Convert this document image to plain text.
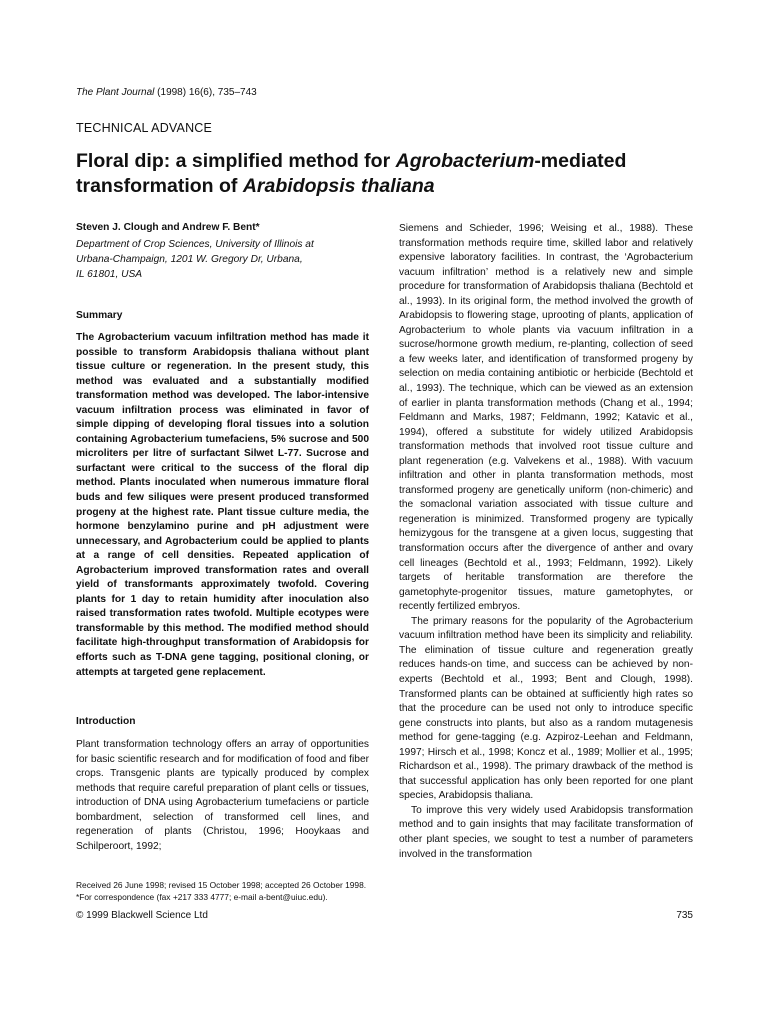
The Plant Journal (1998) 16(6), 735–743
TECHNICAL ADVANCE
Floral dip: a simplified method for Agrobacterium-mediated transformation of Arabidopsis thaliana
Steven J. Clough and Andrew F. Bent*
Department of Crop Sciences, University of Illinois at
Urbana-Champaign, 1201 W. Gregory Dr, Urbana,
IL 61801, USA
Summary

The Agrobacterium vacuum infiltration method has made it possible to transform Arabidopsis thaliana without plant tissue culture or regeneration. In the present study, this method was evaluated and a substantially modified transformation method was developed. The labor-intensive vacuum infiltration process was eliminated in favor of simple dipping of developing floral tissues into a solution containing Agrobacterium tumefaciens, 5% sucrose and 500 microliters per litre of surfactant Silwet L-77. Sucrose and surfactant were critical to the success of the floral dip method. Plants inoculated when numerous immature floral buds and few siliques were present produced transformed progeny at the highest rate. Plant tissue culture media, the hormone benzylamino purine and pH adjustment were unnecessary, and Agrobacterium could be applied to plants at a range of cell densities. Repeated application of Agrobacterium improved transformation rates and overall yield of transformants approximately twofold. Covering plants for 1 day to retain humidity after inoculation also raised transformation rates twofold. Multiple ecotypes were transformable by this method. The modified method should facilitate high-throughput transformation of Arabidopsis for efforts such as T-DNA gene tagging, positional cloning, or attempts at targeted gene replacement.

Introduction

Plant transformation technology offers an array of opportunities for basic scientific research and for modification of food and fiber crops. Transgenic plants are typically produced by complex methods that require careful preparation of plant cells or tissues, introduction of DNA using Agrobacterium tumefaciens or particle bombardment, selection of transformed cell lines, and regeneration of plants (Christou, 1996; Hooykaas and Schilperoort, 1992;

Siemens and Schieder, 1996; Weising et al., 1988). These transformation methods require time, skilled labor and relatively expensive laboratory facilities. In contrast, the ‘Agrobacterium vacuum infiltration’ method is a relatively new and simple procedure for transformation of Arabidopsis thaliana (Bechtold et al., 1993). In its original form, the method involved the growth of Arabidopsis to flowering stage, uprooting of plants, application of Agrobacterium to whole plants via vacuum infiltration in a sucrose/hormone growth medium, re-planting, collection of seed a few weeks later, and identification of transformed progeny by selection on media containing antibiotic or herbicide (Bechtold et al., 1993). The technique, which can be viewed as an extension of earlier in planta transformation methods (Chang et al., 1994; Feldmann and Marks, 1987; Feldmann, 1992; Katavic et al., 1994), offered a substitute for widely utilized Arabidopsis transformation methods that involved root tissue culture and plant regeneration (e.g. Valvekens et al., 1988). With vacuum infiltration and other in planta transformation methods, most transformed progeny are genetically uniform (non-chimeric) and the somaclonal variation associated with tissue culture and regeneration is minimized. Transformed progeny are typically hemizygous for the transgene at a given locus, suggesting that transformation occurs after the divergence of anther and ovary cell lineages (Bechtold et al., 1993; Feldmann, 1992). Likely targets of heritable transformation are therefore the gametophyte-progenitor tissues, mature gametophytes, or recently fertilized embryos.

The primary reasons for the popularity of the Agrobacterium vacuum infiltration method have been its simplicity and reliability. The elimination of tissue culture and regeneration greatly reduces hands-on time, and success can be achieved by non-experts (Bechtold et al., 1993; Bent and Clough, 1998). Transformed plants can be obtained at sufficiently high rates so that the procedure can be used not only to introduce specific gene constructs into plants, but also as a random mutagenesis method for gene-tagging (e.g. Azpiroz-Leehan and Feldmann, 1997; Hirsch et al., 1998; Koncz et al., 1989; Mollier et al., 1995; Richardson et al., 1998). The primary drawback of the method is that successful application has only been reported for one plant species, Arabidopsis thaliana.

To improve this very widely used Arabidopsis transformation method and to gain insights that may facilitate transformation of other plant species, we sought to test a number of parameters involved in the transformation

Received 26 June 1998; revised 15 October 1998; accepted 26 October 1998.
*For correspondence (fax +217 333 4777; e-mail a-bent@uiuc.edu).
© 1999 Blackwell Science Ltd	735
